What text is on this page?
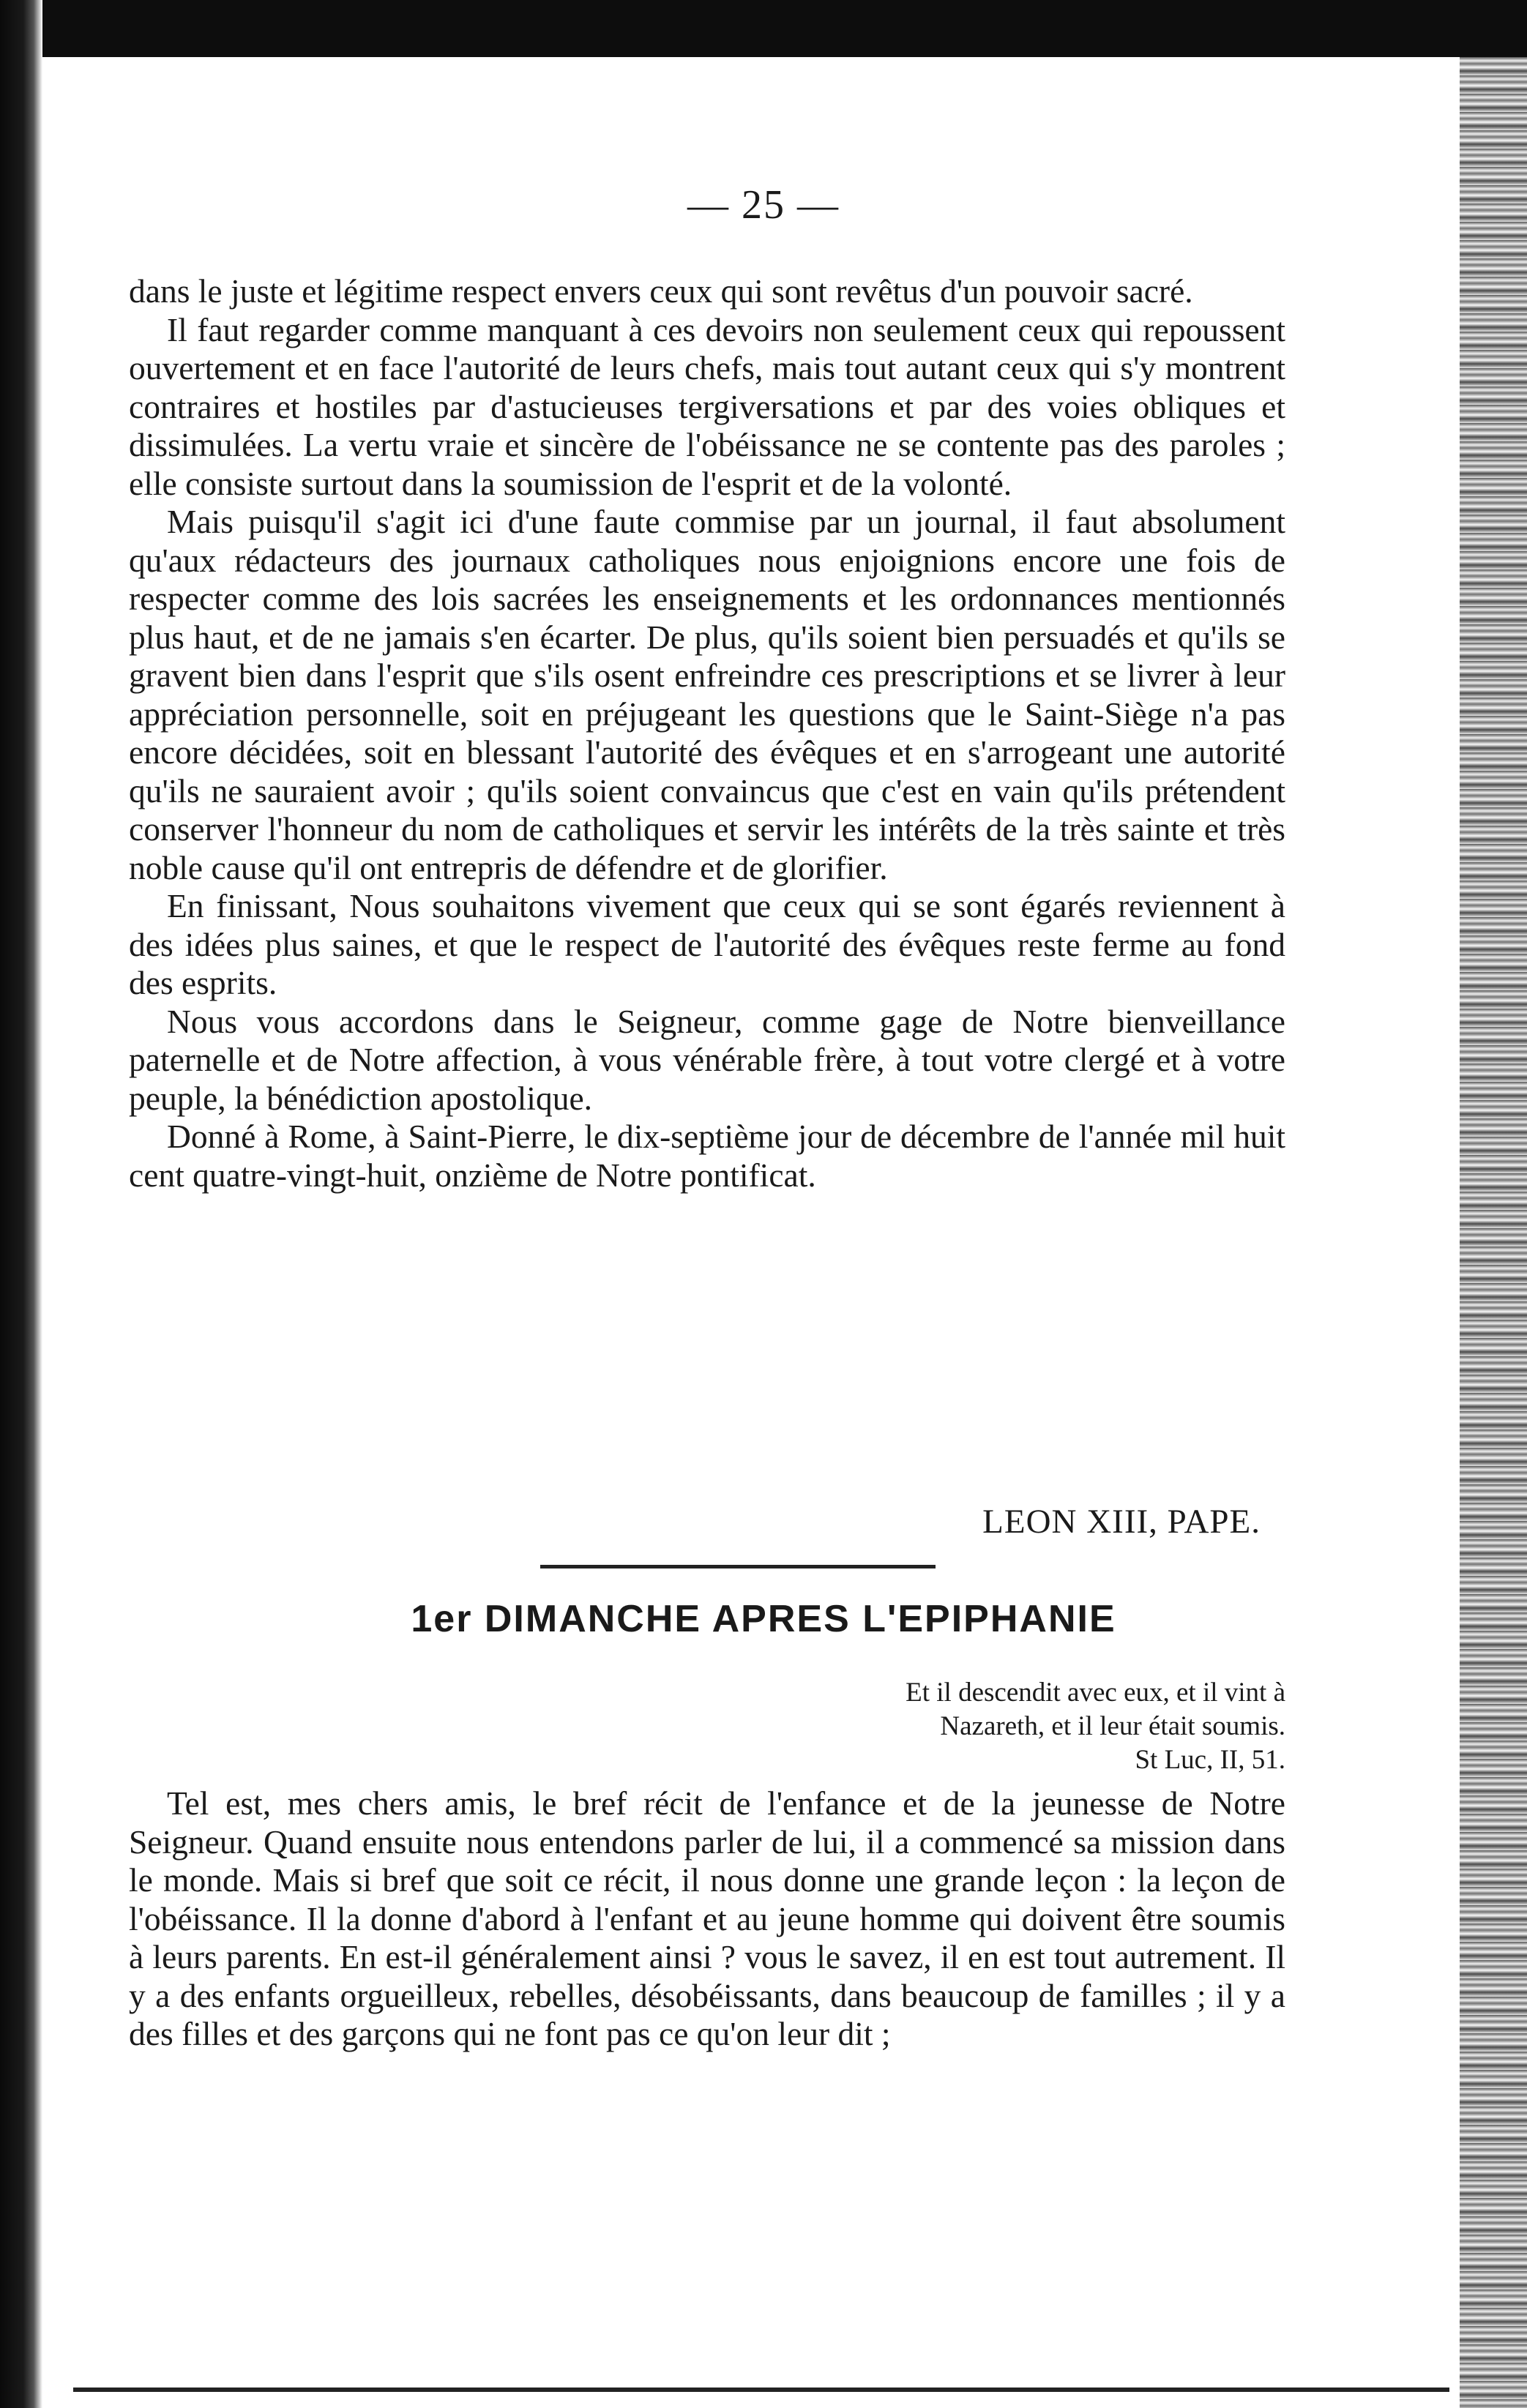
— 25 —

dans le juste et légitime respect envers ceux qui sont revêtus d'un pouvoir sacré.

Il faut regarder comme manquant à ces devoirs non seulement ceux qui repoussent ouvertement et en face l'autorité de leurs chefs, mais tout autant ceux qui s'y montrent contraires et hostiles par d'astucieuses tergiversations et par des voies obliques et dissimulées. La vertu vraie et sincère de l'obéissance ne se contente pas des paroles ; elle consiste surtout dans la soumission de l'esprit et de la volonté.

Mais puisqu'il s'agit ici d'une faute commise par un journal, il faut absolument qu'aux rédacteurs des journaux catholiques nous enjoignions encore une fois de respecter comme des lois sacrées les enseignements et les ordonnances mentionnés plus haut, et de ne jamais s'en écarter. De plus, qu'ils soient bien persuadés et qu'ils se gravent bien dans l'esprit que s'ils osent enfreindre ces prescriptions et se livrer à leur appréciation personnelle, soit en préjugeant les questions que le Saint-Siège n'a pas encore décidées, soit en blessant l'autorité des évêques et en s'arrogeant une autorité qu'ils ne sauraient avoir ; qu'ils soient convaincus que c'est en vain qu'ils prétendent conserver l'honneur du nom de catholiques et servir les intérêts de la très sainte et très noble cause qu'il ont entrepris de défendre et de glorifier.

En finissant, Nous souhaitons vivement que ceux qui se sont égarés reviennent à des idées plus saines, et que le respect de l'autorité des évêques reste ferme au fond des esprits.

Nous vous accordons dans le Seigneur, comme gage de Notre bienveillance paternelle et de Notre affection, à vous vénérable frère, à tout votre clergé et à votre peuple, la bénédiction apostolique.

Donné à Rome, à Saint-Pierre, le dix-septième jour de décembre de l'année mil huit cent quatre-vingt-huit, onzième de Notre pontificat.

LEON XIII, PAPE.
1er DIMANCHE APRES L'EPIPHANIE
Et il descendit avec eux, et il vint à
Nazareth, et il leur était soumis.
St Luc, II, 51.

Tel est, mes chers amis, le bref récit de l'enfance et de la jeunesse de Notre Seigneur. Quand ensuite nous entendons parler de lui, il a commencé sa mission dans le monde. Mais si bref que soit ce récit, il nous donne une grande leçon : la leçon de l'obéissance. Il la donne d'abord à l'enfant et au jeune homme qui doivent être soumis à leurs parents. En est-il généralement ainsi ? vous le savez, il en est tout autrement. Il y a des enfants orgueilleux, rebelles, désobéissants, dans beaucoup de familles ; il y a des filles et des garçons qui ne font pas ce qu'on leur dit ;
